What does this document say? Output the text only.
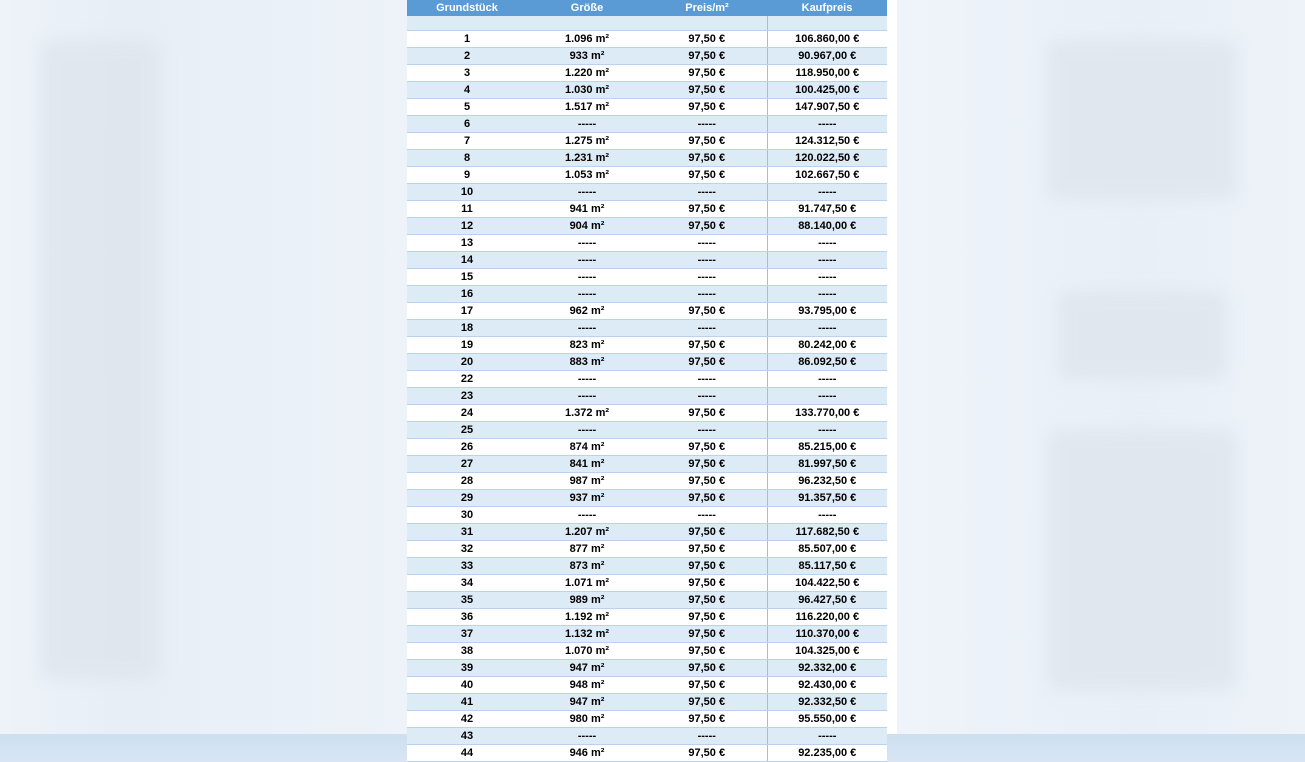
Grundstück	Größe	Preis/m²	Kaufpreis

1	1.096 m²	97,50 €	106.860,00 €
2	933 m²	97,50 €	90.967,00 €
3	1.220 m²	97,50 €	118.950,00 €
4	1.030 m²	97,50 €	100.425,00 €
5	1.517 m²	97,50 €	147.907,50 €
6	-----	-----	-----
7	1.275 m²	97,50 €	124.312,50 €
8	1.231 m²	97,50 €	120.022,50 €
9	1.053 m²	97,50 €	102.667,50 €
10	-----	-----	-----
11	941 m²	97,50 €	91.747,50 €
12	904 m²	97,50 €	88.140,00 €
13	-----	-----	-----
14	-----	-----	-----
15	-----	-----	-----
16	-----	-----	-----
17	962 m²	97,50 €	93.795,00 €
18	-----	-----	-----
19	823 m²	97,50 €	80.242,00 €
20	883 m²	97,50 €	86.092,50 €
22	-----	-----	-----
23	-----	-----	-----
24	1.372 m²	97,50 €	133.770,00 €
25	-----	-----	-----
26	874 m²	97,50 €	85.215,00 €
27	841 m²	97,50 €	81.997,50 €
28	987 m²	97,50 €	96.232,50 €
29	937 m²	97,50 €	91.357,50 €
30	-----	-----	-----
31	1.207 m²	97,50 €	117.682,50 €
32	877 m²	97,50 €	85.507,00 €
33	873 m²	97,50 €	85.117,50 €
34	1.071 m²	97,50 €	104.422,50 €
35	989 m²	97,50 €	96.427,50 €
36	1.192 m²	97,50 €	116.220,00 €
37	1.132 m²	97,50 €	110.370,00 €
38	1.070 m²	97,50 €	104.325,00 €
39	947 m²	97,50 €	92.332,00 €
40	948 m²	97,50 €	92.430,00 €
41	947 m²	97,50 €	92.332,50 €
42	980 m²	97,50 €	95.550,00 €
43	-----	-----	-----
44	946 m²	97,50 €	92.235,00 €
